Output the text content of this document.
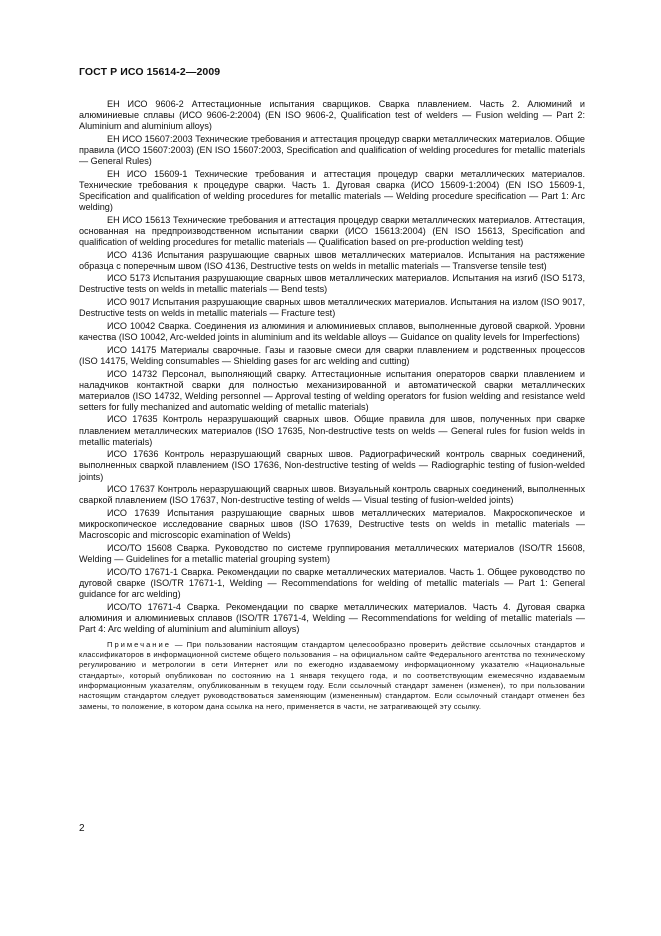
ГОСТ Р ИСО 15614-2—2009

ЕН ИСО 9606-2 Аттестационные испытания сварщиков. Сварка плавлением. Часть 2. Алюминий и алюминиевые сплавы (ИСО 9606-2:2004) (EN ISO 9606-2, Qualification test of welders — Fusion welding — Part 2: Aluminium and aluminium alloys)

ЕН ИСО 15607:2003 Технические требования и аттестация процедур сварки металлических материалов. Общие правила (ИСО 15607:2003) (EN ISO 15607:2003, Specification and qualification of welding procedures for metallic materials — General Rules)

ЕН ИСО 15609-1 Технические требования и аттестация процедур сварки металлических материалов. Технические требования к процедуре сварки. Часть 1. Дуговая сварка (ИСО 15609-1:2004) (EN ISO 15609-1, Specification and qualification of welding procedures for metallic materials — Welding procedure specification — Part 1: Arc welding)

ЕН ИСО 15613 Технические требования и аттестация процедур сварки металлических материалов. Аттестация, основанная на предпроизводственном испытании сварки (ИСО 15613:2004) (EN ISO 15613, Specification and qualification of welding procedures for metallic materials — Qualification based on pre-production welding test)

ИСО 4136 Испытания разрушающие сварных швов металлических материалов. Испытания на растяжение образца с поперечным швом (ISO 4136, Destructive tests on welds in metallic materials — Transverse tensile test)

ИСО 5173 Испытания разрушающие сварных швов металлических материалов. Испытания на изгиб (ISO 5173, Destructive tests on welds in metallic materials — Bend tests)

ИСО 9017 Испытания разрушающие сварных швов металлических материалов. Испытания на излом (ISO 9017, Destructive tests on welds in metallic materials — Fracture test)

ИСО 10042 Сварка. Соединения из алюминия и алюминиевых сплавов, выполненные дуговой сваркой. Уровни качества (ISO 10042, Arc-welded joints in aluminium and its weldable alloys — Guidance on quality levels for Imperfections)

ИСО 14175 Материалы сварочные. Газы и газовые смеси для сварки плавлением и родственных процессов (ISO 14175, Welding consumables — Shielding gases for arc welding and cutting)

ИСО 14732 Персонал, выполняющий сварку. Аттестационные испытания операторов сварки плавлением и наладчиков контактной сварки для полностью механизированной и автоматической сварки металлических материалов (ISO 14732, Welding personnel — Approval testing of welding operators for fusion welding and resistance weld setters for fully mechanized and automatic welding of metallic materials)

ИСО 17635 Контроль неразрушающий сварных швов. Общие правила для швов, полученных при сварке плавлением металлических материалов (ISO 17635, Non-destructive tests on welds — General rules for fusion welds in metallic materials)

ИСО 17636 Контроль неразрушающий сварных швов. Радиографический контроль сварных соединений, выполненных сваркой плавлением (ISO 17636, Non-destructive testing of welds — Radiographic testing of fusion-welded joints)

ИСО 17637 Контроль неразрушающий сварных швов. Визуальный контроль сварных соединений, выполненных сваркой плавлением (ISO 17637, Non-destructive testing of welds — Visual testing of fusion-welded joints)

ИСО 17639 Испытания разрушающие сварных швов металлических материалов. Макроскопическое и микроскопическое исследование сварных швов (ISO 17639, Destructive tests on welds in metallic materials — Macroscopic and microscopic examination of Welds)

ИСО/ТО 15608 Сварка. Руководство по системе группирования металлических материалов (ISO/TR 15608, Welding — Guidelines for a metallic material grouping system)

ИСО/ТО 17671-1 Сварка. Рекомендации по сварке металлических материалов. Часть 1. Общее руководство по дуговой сварке (ISO/TR 17671-1, Welding — Recommendations for welding of metallic materials — Part 1: General guidance for arc welding)

ИСО/ТО 17671-4 Сварка. Рекомендации по сварке металлических материалов. Часть 4. Дуговая сварка алюминия и алюминиевых сплавов (ISO/TR 17671-4, Welding — Recommendations for welding of metallic materials — Part 4: Arc welding of aluminium and aluminium alloys)

Примечание — При пользовании настоящим стандартом целесообразно проверить действие ссылочных стандартов и классификаторов в информационной системе общего пользования – на официальном сайте Федерального агентства по техническому регулированию и метрологии в сети Интернет или по ежегодно издаваемому информационному указателю «Национальные стандарты», который опубликован по состоянию на 1 января текущего года, и по соответствующим ежемесячно издаваемым информационным указателям, опубликованным в текущем году. Если ссылочный стандарт заменен (изменен), то при пользовании настоящим стандартом следует руководствоваться заменяющим (измененным) стандартом. Если ссылочный стандарт отменен без замены, то положение, в котором дана ссылка на него, применяется в части, не затрагивающей эту ссылку.

2
